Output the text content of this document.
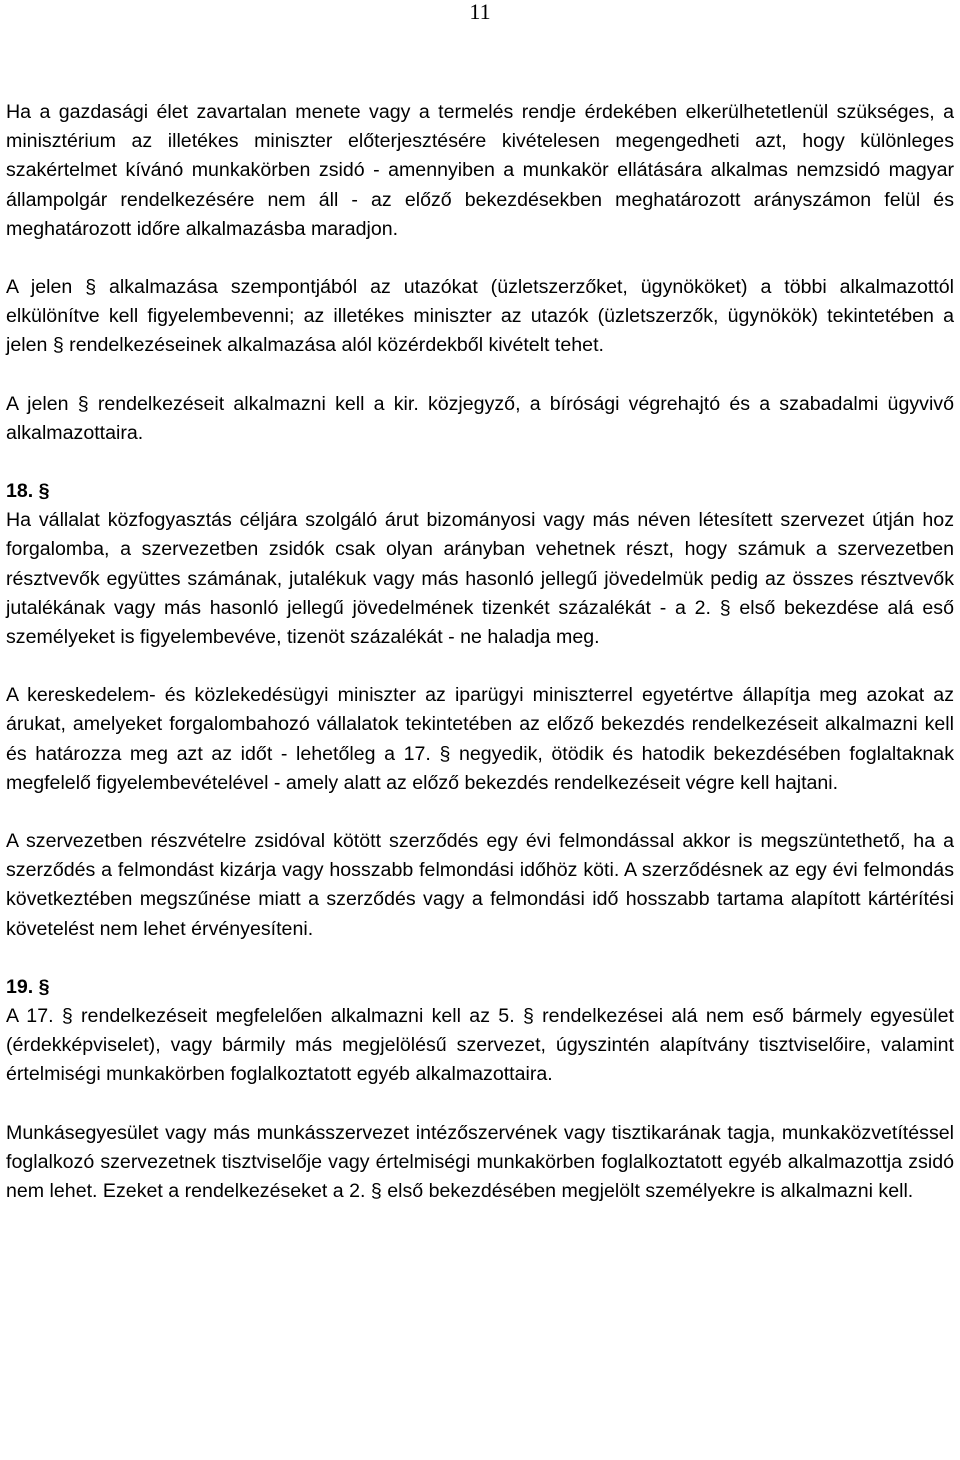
11

Ha a gazdasági élet zavartalan menete vagy a termelés rendje érdekében elkerülhetetlenül szükséges, a minisztérium az illetékes miniszter előterjesztésére kivételesen megengedheti azt, hogy különleges szakértelmet kívánó munkakörben zsidó - amennyiben a munkakör ellátására alkalmas nemzsidó magyar állampolgár rendelkezésére nem áll - az előző bekezdésekben meghatározott arányszámon felül és meghatározott időre alkalmazásba maradjon.

A jelen § alkalmazása szempontjából az utazókat (üzletszerzőket, ügynököket) a többi alkalmazottól elkülönítve kell figyelembevenni; az illetékes miniszter az utazók (üzletszerzők, ügynökök) tekintetében a jelen § rendelkezéseinek alkalmazása alól közérdekből kivételt tehet.

A jelen § rendelkezéseit alkalmazni kell a kir. közjegyző, a bírósági végrehajtó és a szabadalmi ügyvivő alkalmazottaira.

18. §

Ha vállalat közfogyasztás céljára szolgáló árut bizományosi vagy más néven létesített szervezet útján hoz forgalomba, a szervezetben zsidók csak olyan arányban vehetnek részt, hogy számuk a szervezetben résztvevők együttes számának, jutalékuk vagy más hasonló jellegű jövedelmük pedig az összes résztvevők jutalékának vagy más hasonló jellegű jövedelmének tizenkét százalékát - a 2. § első bekezdése alá eső személyeket is figyelembevéve, tizenöt százalékát - ne haladja meg.

A kereskedelem- és közlekedésügyi miniszter az iparügyi miniszterrel egyetértve állapítja meg azokat az árukat, amelyeket forgalombahozó vállalatok tekintetében az előző bekezdés rendelkezéseit alkalmazni kell és határozza meg azt az időt - lehetőleg a 17. § negyedik, ötödik és hatodik bekezdésében foglaltaknak megfelelő figyelembevételével - amely alatt az előző bekezdés rendelkezéseit végre kell hajtani.

A szervezetben részvételre zsidóval kötött szerződés egy évi felmondással akkor is megszüntethető, ha a szerződés a felmondást kizárja vagy hosszabb felmondási időhöz köti. A szerződésnek az egy évi felmondás következtében megszűnése miatt a szerződés vagy a felmondási idő hosszabb tartama alapított kártérítési követelést nem lehet érvényesíteni.

19. §

A 17. § rendelkezéseit megfelelően alkalmazni kell az 5. § rendelkezései alá nem eső bármely egyesület (érdekképviselet), vagy bármily más megjelölésű szervezet, úgyszintén alapítvány tisztviselőire, valamint értelmiségi munkakörben foglalkoztatott egyéb alkalmazottaira.

Munkásegyesület vagy más munkásszervezet intézőszervének vagy tisztikarának tagja, munkaközvetítéssel foglalkozó szervezetnek tisztviselője vagy értelmiségi munkakörben foglalkoztatott egyéb alkalmazottja zsidó nem lehet. Ezeket a rendelkezéseket a 2. § első bekezdésében megjelölt személyekre is alkalmazni kell.
